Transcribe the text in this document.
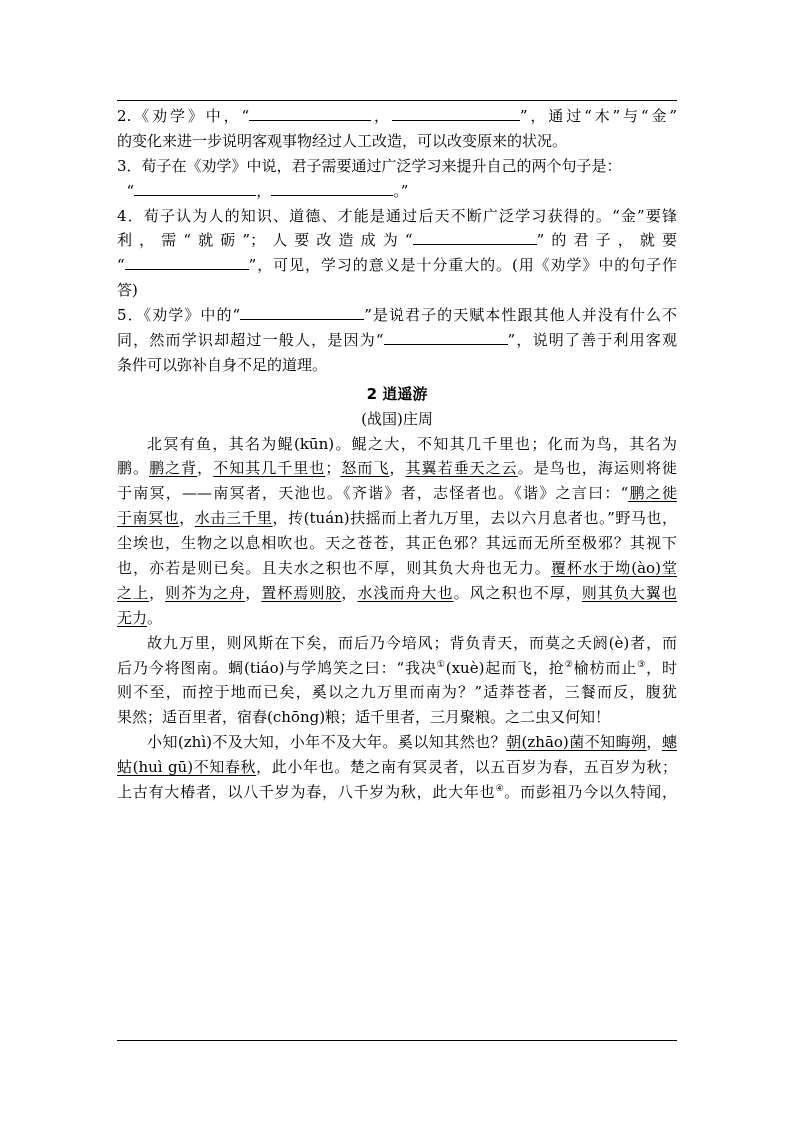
2.《劝学》中，“	，	”，通过“木”与“金”
的变化来进一步说明客观事物经过人工改造，可以改变原来的状况。
3．荀子在《劝学》中说，君子需要通过广泛学习来提升自己的两个句子是：
“	，	。”
4．荀子认为人的知识、道德、才能是通过后天不断广泛学习获得的。“金”要锋
利，需“就砺”；人要改造成为“	”的君子，就要
“	”，可见，学习的意义是十分重大的。(用《劝学》中的句子作
答)
5．《劝学》中的“	”是说君子的天赋本性跟其他人并没有什么不
同，然而学识却超过一般人，是因为“	”，说明了善于利用客观
条件可以弥补自身不足的道理。
2 逍遥游
(战国)庄周
北冥有鱼，其名为鲲(kūn)。鲲之大，不知其几千里也；化而为鸟，其名为
鹏。鹏之背，不知其几千里也；怒而飞，其翼若垂天之云。是鸟也，海运则将徙
于南冥，——南冥者，天池也。《齐谐》者，志怪者也。《谐》之言曰：“鹏之徙
于南冥也，水击三千里，抟(tuán)扶摇而上者九万里，去以六月息者也。”野马也，
尘埃也，生物之以息相吹也。天之苍苍，其正色邪？其远而无所至极邪？其视下
也，亦若是则已矣。且夫水之积也不厚，则其负大舟也无力。覆杯水于坳(ào)堂
之上，则芥为之舟，置杯焉则胶，水浅而舟大也。风之积也不厚，则其负大翼也
无力。
故九万里，则风斯在下矣，而后乃今培风；背负青天，而莫之夭阏(è)者，而
后乃今将图南。蜩(tiáo)与学鸠笑之曰：“我决①(xuè)起而飞，抢②榆枋而止③，时
则不至，而控于地而已矣，奚以之九万里而南为？”适莽苍者，三餐而反，腹犹
果然；适百里者，宿舂(chōng)粮；适千里者，三月聚粮。之二虫又何知！
小知(zhì)不及大知，小年不及大年。奚以知其然也？朝(zhāo)菌不知晦朔，蟪
蛄(huì gū)不知春秋，此小年也。楚之南有冥灵者，以五百岁为春，五百岁为秋；
上古有大椿者，以八千岁为春，八千岁为秋，此大年也④。而彭祖乃今以久特闻，
